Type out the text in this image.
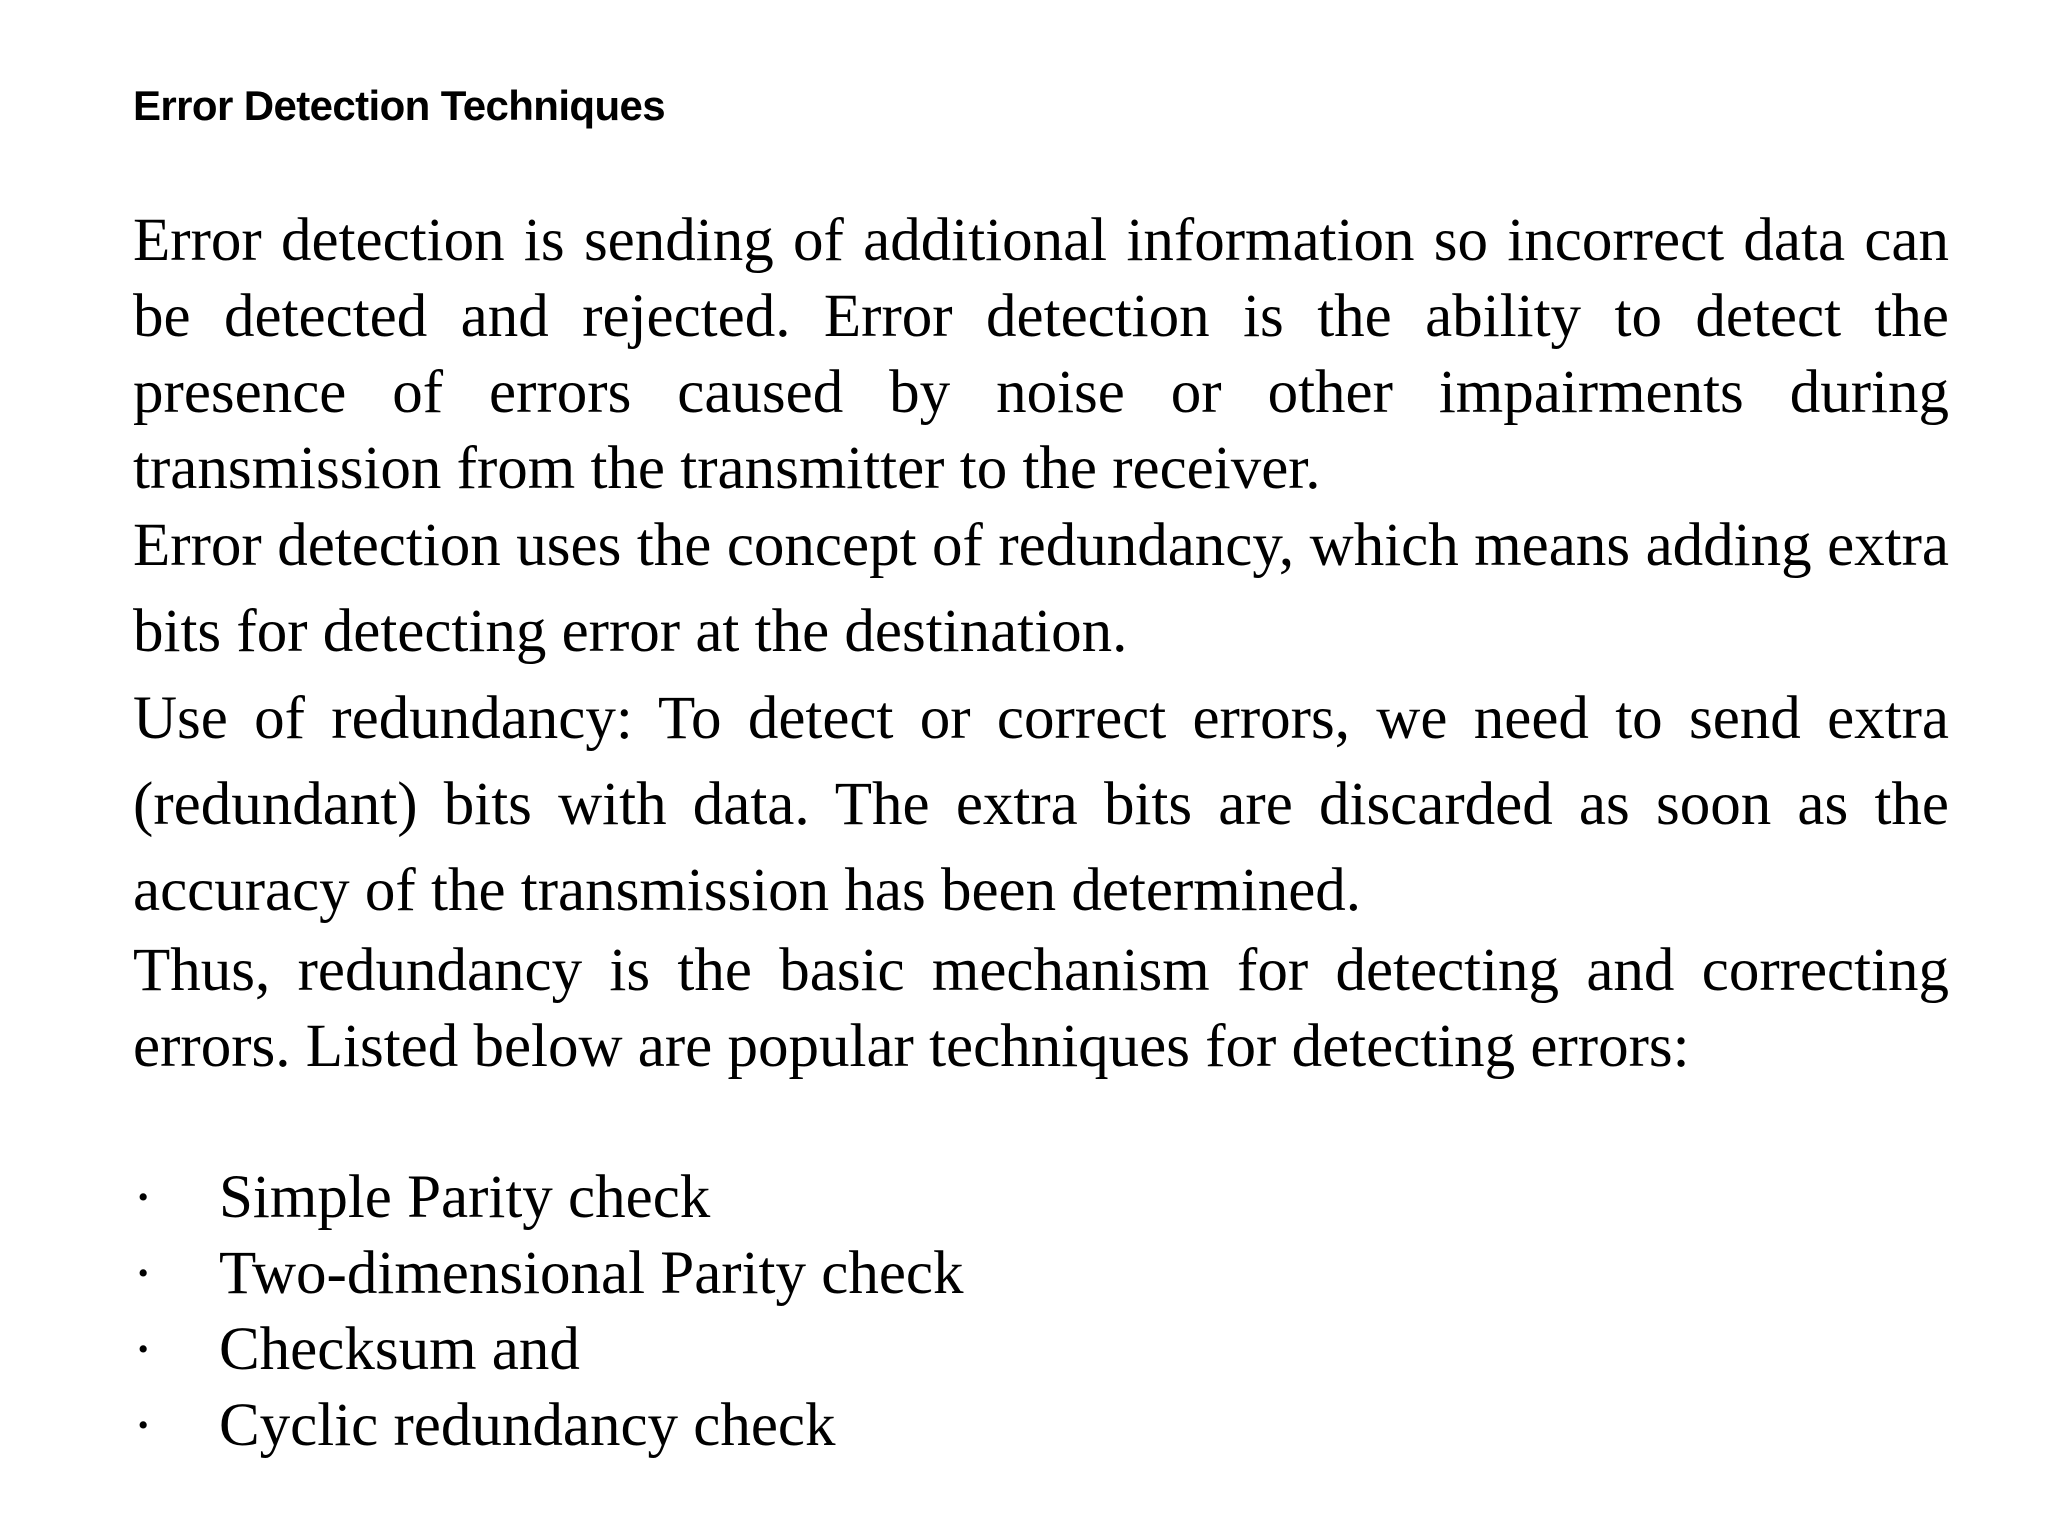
Error Detection Techniques

Error detection is sending of additional information so incorrect data can be detected and rejected. Error detection is the ability to detect the presence of errors caused by noise or other impairments during transmission from the transmitter to the receiver.

Error detection uses the concept of redundancy, which means adding extra bits for detecting error at the destination.

Use of redundancy: To detect or correct errors, we need to send extra (redundant) bits with data. The extra bits are discarded as soon as the accuracy of the transmission has been determined.

Thus, redundancy is the basic mechanism for detecting and correcting errors. Listed below are popular techniques for detecting errors:

· Simple Parity check
· Two-dimensional Parity check
· Checksum and
· Cyclic redundancy check
